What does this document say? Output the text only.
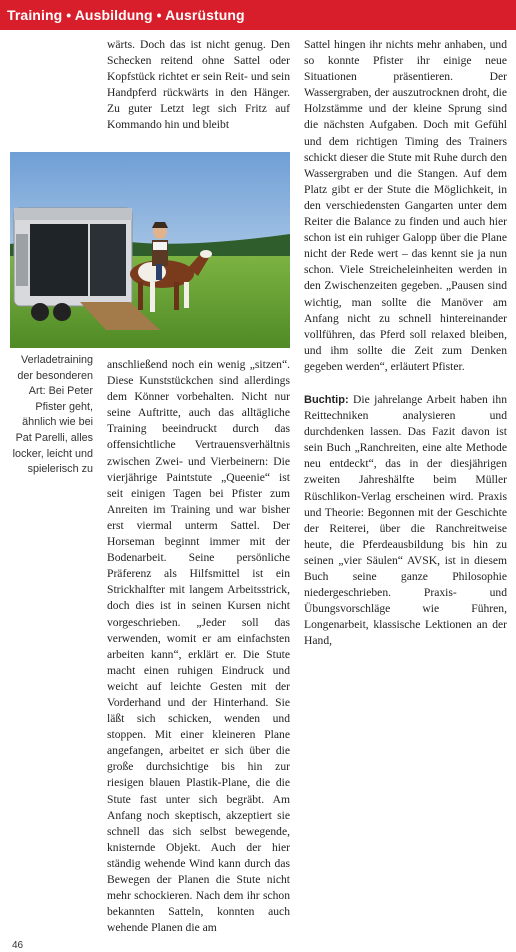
Training • Ausbildung • Ausrüstung

wärts. Doch das ist nicht genug. Den Schecken reitend ohne Sattel oder Kopfstück richtet er sein Reit- und sein Handpferd rückwärts in den Hänger. Zu guter Letzt legt sich Fritz auf Kommando hin und bleibt

Verladetraining der besonderen Art: Bei Peter Pfister geht, ähnlich wie bei Pat Parelli, alles locker, leicht und spielerisch zu

anschließend noch ein wenig „sitzen“. Diese Kunststückchen sind allerdings dem Könner vorbehalten. Nicht nur seine Auftritte, auch das alltägliche Training beeindruckt durch das offensichtliche Vertrauensverhältnis zwischen Zwei- und Vierbeinern: Die vierjährige Paintstute „Queenie“ ist seit einigen Tagen bei Pfister zum Anreiten im Training und war bisher erst viermal unterm Sattel. Der Horseman beginnt immer mit der Bodenarbeit. Seine persönliche Präferenz als Hilfsmittel ist ein Strickhalfter mit langem Arbeitsstrick, doch dies ist in seinen Kursen nicht vorgeschrieben. „Jeder soll das verwenden, womit er am einfachsten arbeiten kann“, erklärt er. Die Stute macht einen ruhigen Eindruck und weicht auf leichte Gesten mit der Vorderhand und der Hinterhand. Sie läßt sich schicken, wenden und stoppen. Mit einer kleineren Plane angefangen, arbeitet er sich über die große durchsichtige bis hin zur riesigen blauen Plastik-Plane, die die Stute fast unter sich begräbt. Am Anfang noch skeptisch, akzeptiert sie schnell das sich selbst bewegende, knisternde Objekt. Auch der hier ständig wehende Wind kann durch das Bewegen der Planen die Stute nicht mehr schockieren. Nach dem ihr schon bekannten Satteln, konnten auch wehende Planen die am

Sattel hingen ihr nichts mehr anhaben, und so konnte Pfister ihr einige neue Situationen präsentieren. Der Wassergraben, der auszutrocknen droht, die Holzstämme und der kleine Sprung sind die nächsten Aufgaben. Doch mit Gefühl und dem richtigen Timing des Trainers schickt dieser die Stute mit Ruhe durch den Wassergraben und die Stangen. Auf dem Platz gibt er der Stute die Möglichkeit, in den verschiedensten Gangarten unter dem Reiter die Balance zu finden und auch hier schon ist ein ruhiger Galopp über die Plane nicht der Rede wert – das kennt sie ja nun schon. Viele Streicheleinheiten werden in den Zwischenzeiten gegeben. „Pausen sind wichtig, man sollte die Manöver am Anfang nicht zu schnell hintereinander vollführen, das Pferd soll relaxed bleiben, und ihm sollte die Zeit zum Denken gegeben werden“, erläutert Pfister.

Buchtip: Die jahrelange Arbeit haben ihn Reittechniken analysieren und durchdenken lassen. Das Fazit davon ist sein Buch „Ranchreiten, eine alte Methode neu entdeckt“, das in der diesjährigen zweiten Jahreshälfte beim Müller Rüschlikon-Verlag erscheinen wird. Praxis und Theorie: Begonnen mit der Geschichte der Reiterei, über die Ranchreitweise heute, die Pferdeausbildung bis hin zu seinen „vier Säulen“ AVSK, ist in diesem Buch seine ganze Philosophie niedergeschrieben. Praxis- und Übungsvorschläge wie Führen, Longenarbeit, klassische Lektionen an der Hand,

46
